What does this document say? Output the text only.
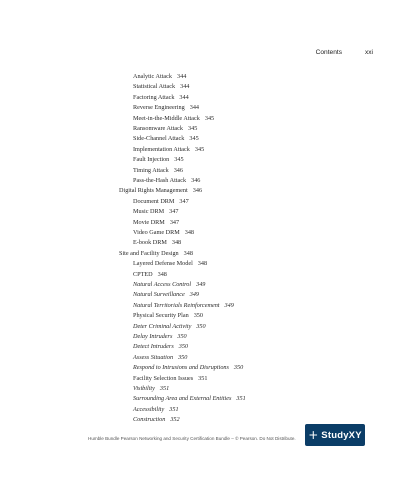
Contents	xxi
Analytic Attack 344
Statistical Attack 344
Factoring Attack 344
Reverse Engineering 344
Meet-in-the-Middle Attack 345
Ransomware Attack 345
Side-Channel Attack 345
Implementation Attack 345
Fault Injection 345
Timing Attack 346
Pass-the-Hash Attack 346
Digital Rights Management 346
Document DRM 347
Music DRM 347
Movie DRM 347
Video Game DRM 348
E-book DRM 348
Site and Facility Design 348
Layered Defense Model 348
CPTED 348
Natural Access Control 349
Natural Surveillance 349
Natural Territorials Reinforcement 349
Physical Security Plan 350
Deter Criminal Activity 350
Delay Intruders 350
Detect Intruders 350
Assess Situation 350
Respond to Intrusions and Disruptions 350
Facility Selection Issues 351
Visibility 351
Surrounding Area and External Entities 351
Accessibility 351
Construction 352
Humble Bundle Pearson Networking and Security Certification Bundle – © Pearson. Do Not Distribute. + StudyXY
